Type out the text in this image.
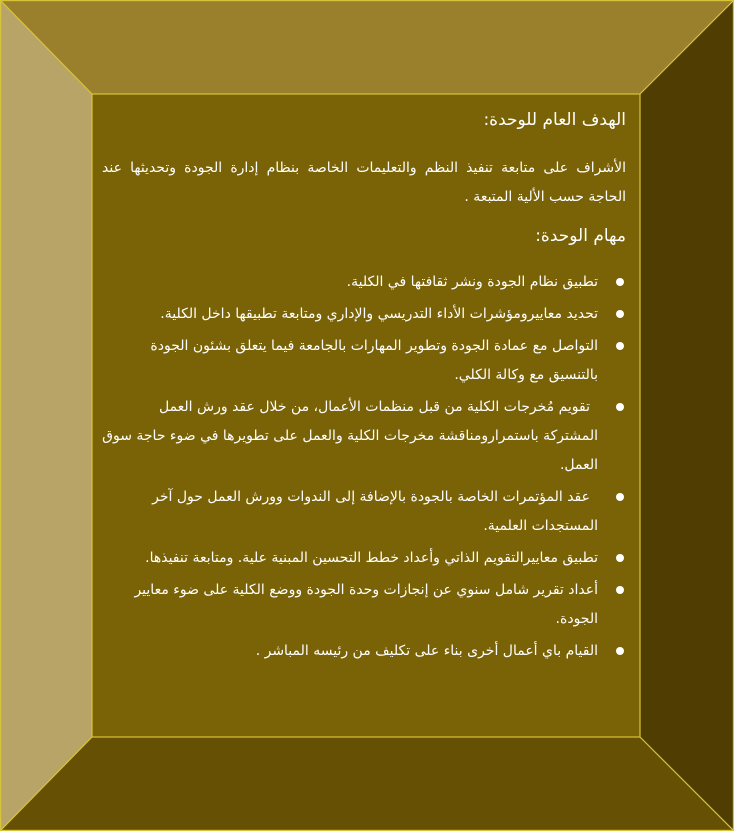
الهدف العام للوحدة:
الأشراف على متابعة تنفيذ النظم والتعليمات الخاصة بنظام إدارة الجودة وتحديثها عند الحاجة حسب الألية المتبعة .
مهام الوحدة:
تطبيق نظام الجودة ونشر ثقافتها في الكلية.
تحديد معاييرومؤشرات الأداء التدريسي والإداري ومتابعة تطبيقها داخل الكلية.
التواصل مع عمادة الجودة وتطوير المهارات بالجامعة فيما يتعلق بشئون الجودة بالتنسيق مع وكالة الكلي.
تقويم مُخرجات الكلية من قبل منظمات الأعمال، من خلال عقد ورش العمل المشتركة باستمرارومناقشة مخرجات الكلية والعمل على تطويرها في ضوء حاجة سوق العمل.
عقد المؤتمرات الخاصة بالجودة بالإضافة إلى الندوات وورش العمل حول آخر المستجدات العلمية.
تطبيق معاييرالتقويم الذاتي وأعداد خطط التحسين المبنية علية. ومتابعة تنفيذها.
أعداد تقرير شامل سنوي عن إنجازات وحدة الجودة ووضع الكلية على ضوء معايير الجودة.
القيام باي أعمال أخرى بناء على تكليف من رئيسه المباشر .
